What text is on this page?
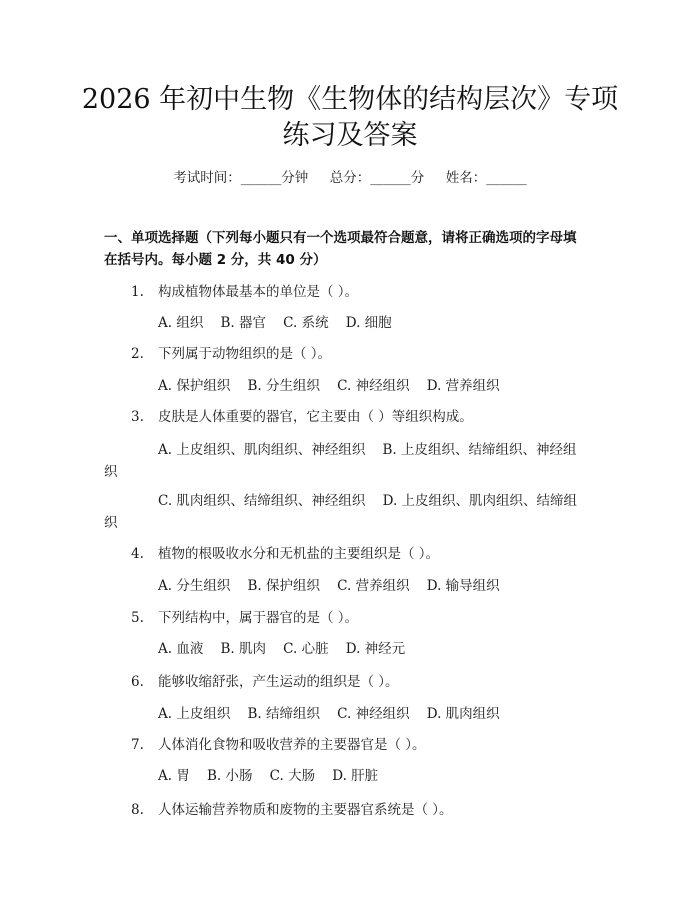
2026 年初中生物《生物体的结构层次》专项
练习及答案
考试时间：______分钟     总分：______分     姓名：______
一、单项选择题（下列每小题只有一个选项最符合题意，请将正确选项的字母填
在括号内。每小题 2 分，共 40 分）
1. 构成植物体最基本的单位是（ ）。
A. 组织    B. 器官    C. 系统    D. 细胞
2. 下列属于动物组织的是（ ）。
A. 保护组织    B. 分生组织    C. 神经组织    D. 营养组织
3. 皮肤是人体重要的器官，它主要由（ ）等组织构成。
A. 上皮组织、肌肉组织、神经组织    B. 上皮组织、结缔组织、神经组
织
C. 肌肉组织、结缔组织、神经组织    D. 上皮组织、肌肉组织、结缔组
织
4. 植物的根吸收水分和无机盐的主要组织是（ ）。
A. 分生组织    B. 保护组织    C. 营养组织    D. 输导组织
5. 下列结构中，属于器官的是（ ）。
A. 血液    B. 肌肉    C. 心脏    D. 神经元
6. 能够收缩舒张，产生运动的组织是（ ）。
A. 上皮组织    B. 结缔组织    C. 神经组织    D. 肌肉组织
7. 人体消化食物和吸收营养的主要器官是（ ）。
A. 胃    B. 小肠    C. 大肠    D. 肝脏
8. 人体运输营养物质和废物的主要器官系统是（ ）。
